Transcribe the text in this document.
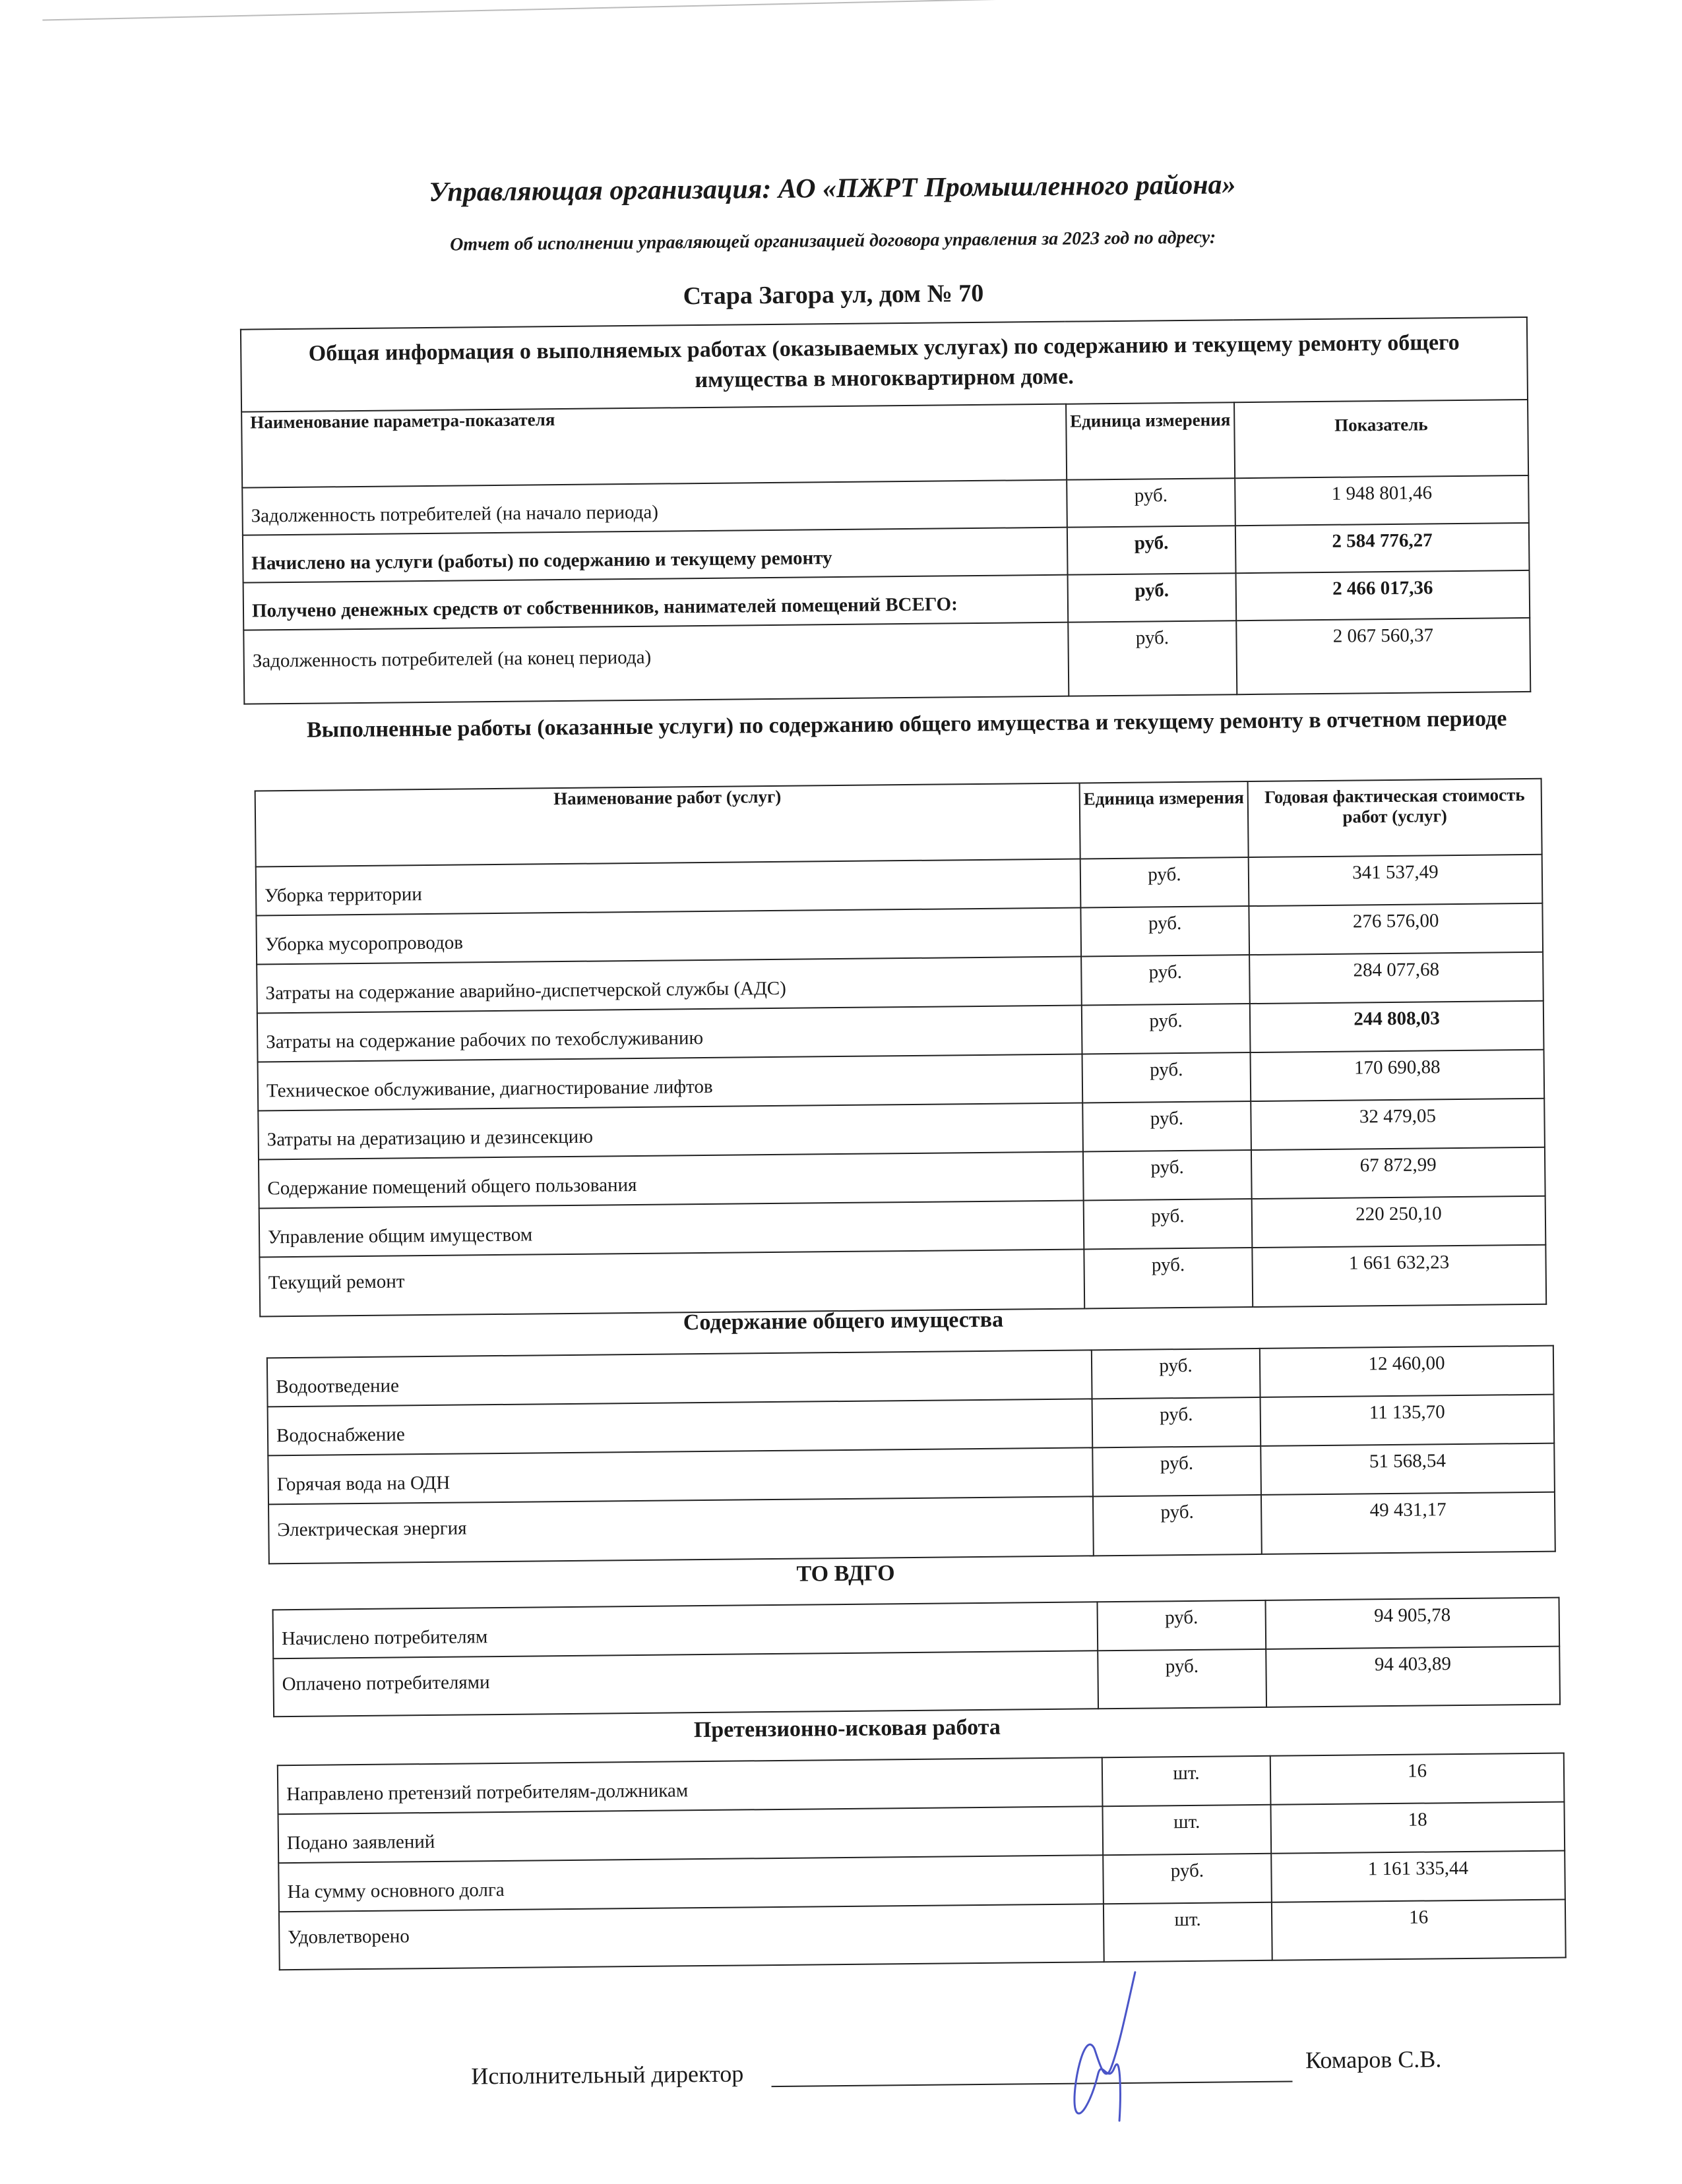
Управляющая организация: АО «ПЖРТ Промышленного района»
Отчет об исполнении управляющей организацией договора управления за 2023 год по адресу:
Стара Загора ул, дом № 70
Общая информация о выполняемых работах (оказываемых услугах) по содержанию и текущему ремонту общего имущества в многоквартирном доме.		

Наименование параметра-показателя	Единица измерения	Показатель
Задолженность потребителей (на начало периода)	руб.	1 948 801,46
Начислено на услуги (работы) по содержанию и текущему ремонту	руб.	2 584 776,27
Получено денежных средств от собственников, нанимателей помещений ВСЕГО:	руб.	2 466 017,36
Задолженность потребителей (на конец периода)	руб.	2 067 560,37
Выполненные работы (оказанные услуги) по содержанию общего имущества и текущему ремонту в отчетном периоде
Наименование работ (услуг)	Единица измерения	Годовая фактическая стоимость работ (услуг)
Уборка территории	руб.	341 537,49
Уборка мусоропроводов	руб.	276 576,00
Затраты на содержание аварийно-диспетчерской службы (АДС)	руб.	284 077,68
Затраты на содержание рабочих по техобслуживанию	руб.	244 808,03
Техническое обслуживание, диагностирование лифтов	руб.	170 690,88
Затраты на дератизацию и дезинсекцию	руб.	32 479,05
Содержание помещений общего пользования	руб.	67 872,99
Управление общим имуществом	руб.	220 250,10
Текущий ремонт	руб.	1 661 632,23
Содержание общего имущества
Водоотведение	руб.	12 460,00
Водоснабжение	руб.	11 135,70
Горячая вода на ОДН	руб.	51 568,54
Электрическая энергия	руб.	49 431,17
ТО ВДГО
Начислено потребителям	руб.	94 905,78
Оплачено потребителями	руб.	94 403,89
Претензионно-исковая работа
Направлено претензий потребителям-должникам	шт.	16
Подано заявлений	шт.	18
На сумму основного долга	руб.	1 161 335,44
Удовлетворено	шт.	16
Исполнительный директор
Комаров С.В.
